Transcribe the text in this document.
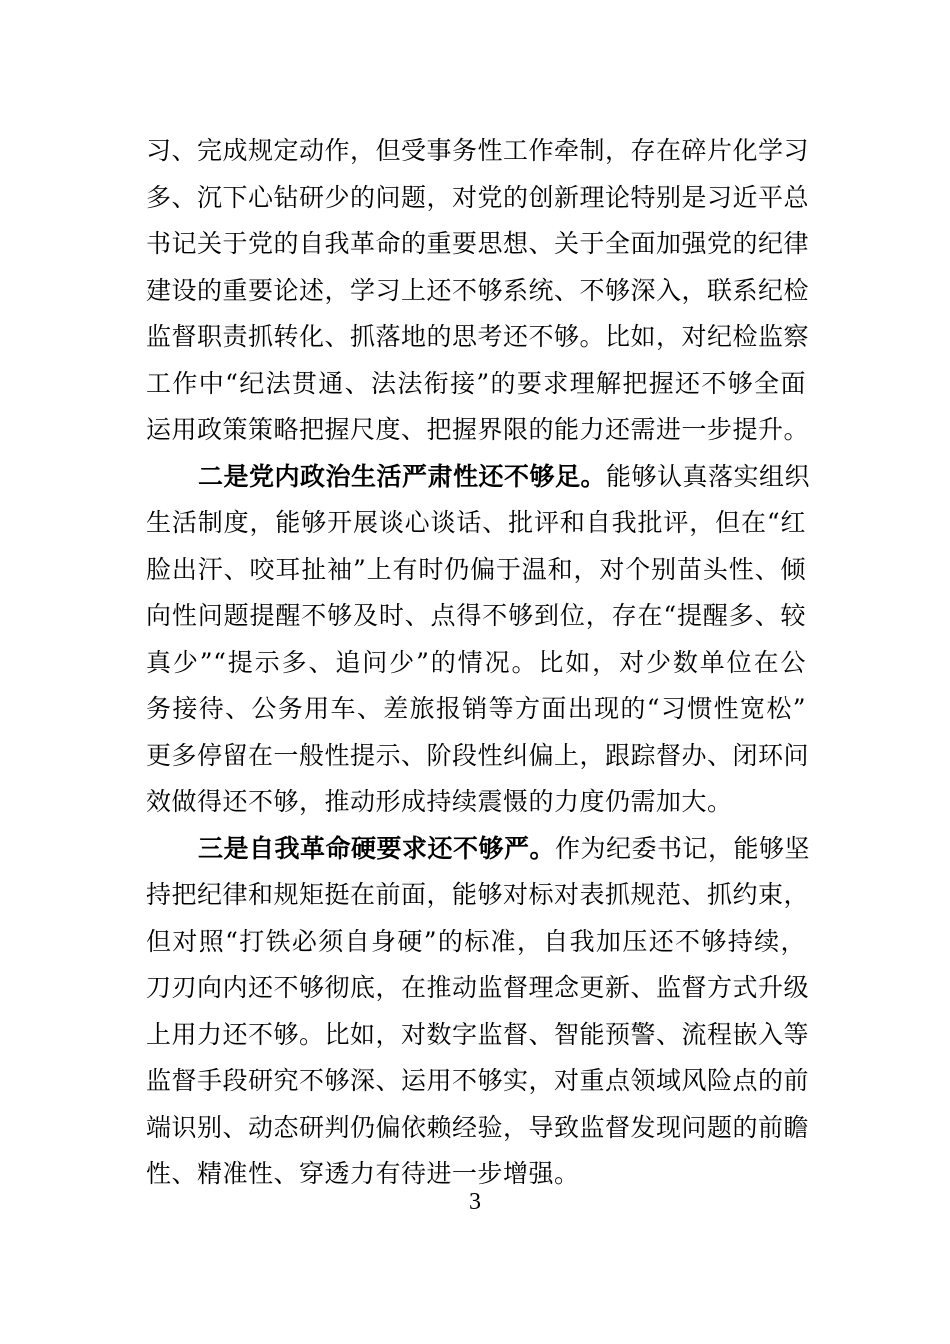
习、完成规定动作，但受事务性工作牵制，存在碎片化学习
多、沉下心钻研少的问题，对党的创新理论特别是习近平总
书记关于党的自我革命的重要思想、关于全面加强党的纪律
建设的重要论述，学习上还不够系统、不够深入，联系纪检
监督职责抓转化、抓落地的思考还不够。比如，对纪检监察
工作中“纪法贯通、法法衔接”的要求理解把握还不够全面
运用政策策略把握尺度、把握界限的能力还需进一步提升。
二是党内政治生活严肃性还不够足。能够认真落实组织
生活制度，能够开展谈心谈话、批评和自我批评，但在“红
脸出汗、咬耳扯袖”上有时仍偏于温和，对个别苗头性、倾
向性问题提醒不够及时、点得不够到位，存在“提醒多、较
真少”“提示多、追问少”的情况。比如，对少数单位在公
务接待、公务用车、差旅报销等方面出现的“习惯性宽松”
更多停留在一般性提示、阶段性纠偏上，跟踪督办、闭环问
效做得还不够，推动形成持续震慑的力度仍需加大。
三是自我革命硬要求还不够严。作为纪委书记，能够坚
持把纪律和规矩挺在前面，能够对标对表抓规范、抓约束，
但对照“打铁必须自身硬”的标准，自我加压还不够持续，
刀刃向内还不够彻底，在推动监督理念更新、监督方式升级
上用力还不够。比如，对数字监督、智能预警、流程嵌入等
监督手段研究不够深、运用不够实，对重点领域风险点的前
端识别、动态研判仍偏依赖经验，导致监督发现问题的前瞻
性、精准性、穿透力有待进一步增强。
3
